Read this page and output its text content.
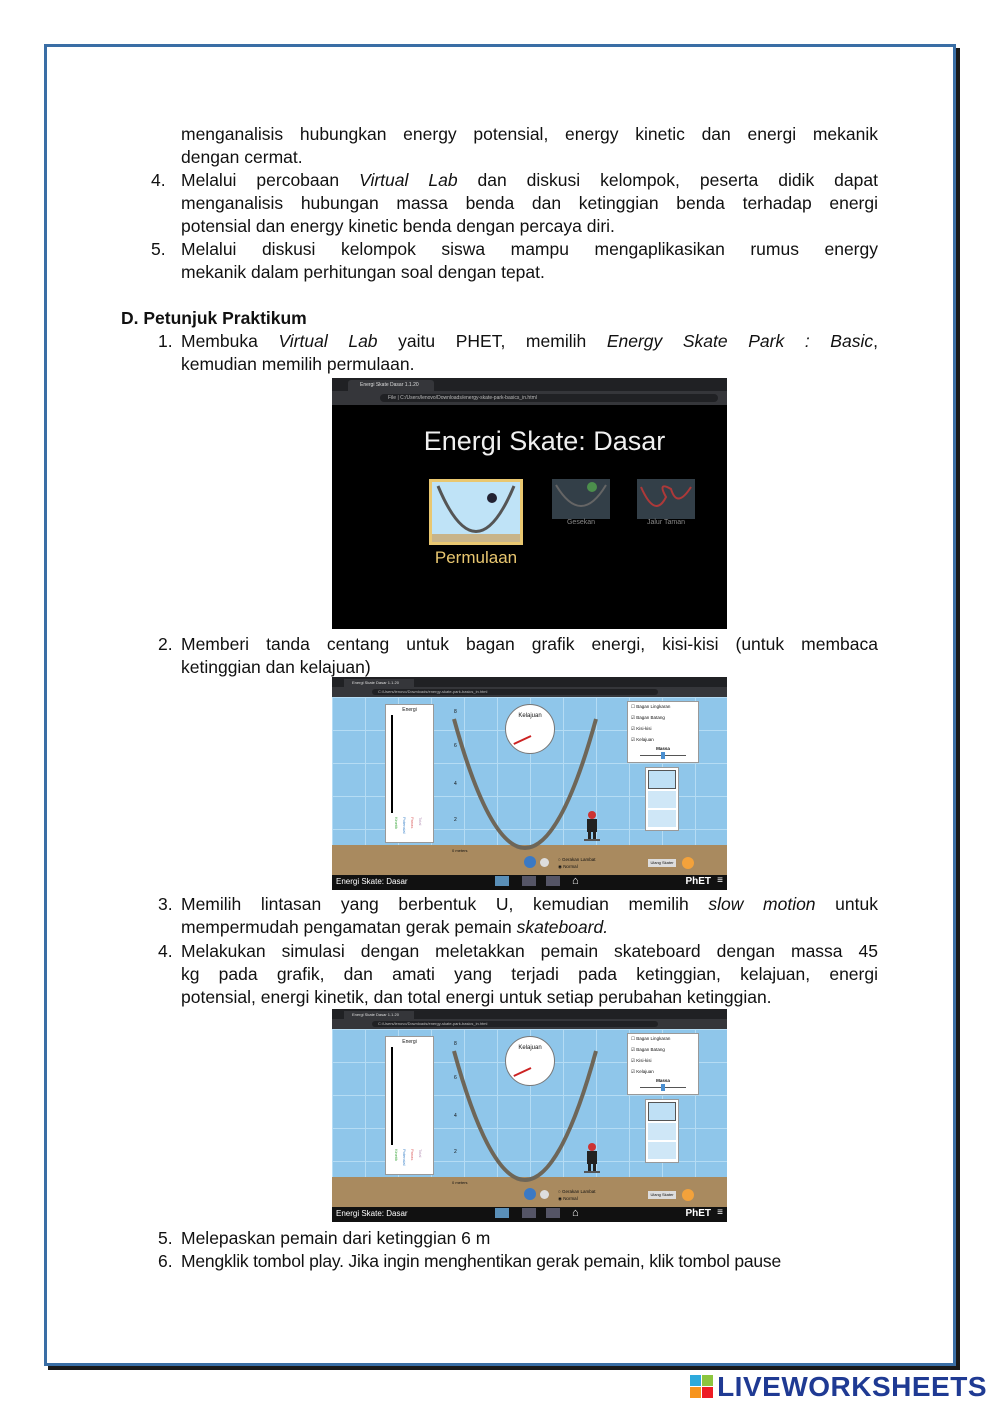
menganalisis hubungkan energy potensial, energy kinetic dan energi mekanik
dengan cermat.
4. Melalui percobaan Virtual Lab dan diskusi kelompok, peserta didik dapat
menganalisis hubungan massa benda dan ketinggian benda terhadap energi
potensial dan energy kinetic benda dengan percaya diri.
5. Melalui diskusi kelompok siswa mampu mengaplikasikan rumus energy
mekanik dalam perhitungan soal dengan tepat.
D. Petunjuk Praktikum
1. Membuka Virtual Lab yaitu PHET, memilih Energy Skate Park : Basic,
kemudian memilih permulaan.
Energi Skate Dasar 1.1.20
File | C:/Users/lenovo/Downloads/energy-skate-park-basics_in.html
Energi Skate: Dasar
Permulaan
Gesekan	Jalur Taman
2. Memberi tanda centang untuk bagan grafik energi, kisi-kisi (untuk membaca
ketinggian dan kelajuan)
Energi Skate Dasar 1.1.20
C:/Users/lenovo/Downloads/energy-skate-park-basics_in.html
Energi Skate: Dasar	⌂	PhET ≡
Energi
Kinetik Potensial Panas Total
8
6
4
2
Kelajuan
0 meters
☐ Bagan Lingkaran
☑ Bagan Batang
☑ Kisi-kisi
☑ Kelajuan
Massa
○ Gerakan Lambat
◉ Normal
Ulang Skater
3. Memilih lintasan yang berbentuk U, kemudian memilih slow motion untuk
mempermudah pengamatan gerak pemain skateboard.
4. Melakukan simulasi dengan meletakkan pemain skateboard dengan massa 45
kg pada grafik, dan amati yang terjadi pada ketinggian, kelajuan, energi
potensial, energi kinetik, dan total energi untuk setiap perubahan ketinggian.
Energi Skate Dasar 1.1.20
C:/Users/lenovo/Downloads/energy-skate-park-basics_in.html
Energi Skate: Dasar	⌂	PhET ≡
Energi
Kinetik Potensial Panas Total
8
6
4
2
Kelajuan
0 meters
☐ Bagan Lingkaran
☑ Bagan Batang
☑ Kisi-kisi
☑ Kelajuan
Massa
○ Gerakan Lambat
◉ Normal
Ulang Skater
5. Melepaskan pemain dari ketinggian 6 m
6. Mengklik tombol play. Jika ingin menghentikan gerak pemain, klik tombol pause
LIVEWORKSHEETS
